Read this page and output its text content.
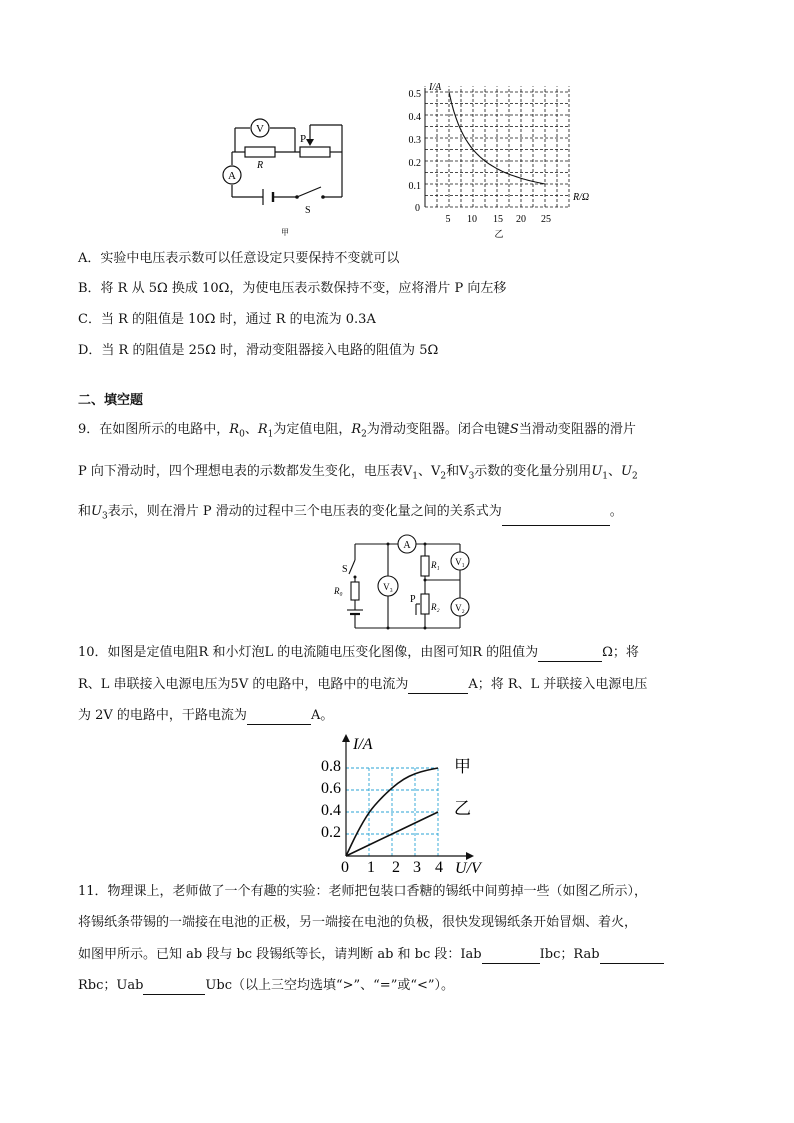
V
A
R
P
S
甲
I/A
R/Ω
0
0.5
0.4
0.3
0.2
0.1
5 10 15 20 25
乙
A．实验中电压表示数可以任意设定只要保持不变就可以
B．将 R 从 5Ω 换成 10Ω，为使电压表示数保持不变，应将滑片 P 向左移
C．当 R 的阻值是 10Ω 时，通过 R 的电流为 0.3A
D．当 R 的阻值是 25Ω 时，滑动变阻器接入电路的阻值为 5Ω
二、填空题
9．在如图所示的电路中，$R_0$、$R_1$为定值电阻，$R_2$为滑动变阻器。闭合电键S当滑动变阻器的滑片
P 向下滑动时，四个理想电表的示数都发生变化，电压表$V_1$、$V_2$和$V_3$示数的变化量分别用$U_1$、$U_2$
和$U_3$表示，则在滑片 P 滑动的过程中三个电压表的变化量之间的关系式为	。
A
V₃
V₁
V₂
S
R₀
R₁
R₂
P
10．如图是定值电阻R 和小灯泡L 的电流随电压变化图像，由图可知R 的阻值为	Ω；将
R、L 串联接入电源电压为5V 的电路中，电路中的电流为	A；将 R、L 并联接入电源电压
为 2V 的电路中，干路电流为	A。
I/A
U/V
0
0.8
0.6
0.4
0.2
1 2 3 4
甲
乙
11．物理课上，老师做了一个有趣的实验：老师把包装口香糖的锡纸中间剪掉一些（如图乙所示），
将锡纸条带锡的一端接在电池的正极，另一端接在电池的负极，很快发现锡纸条开始冒烟、着火，
如图甲所示。已知 ab 段与 bc 段锡纸等长，请判断 ab 和 bc 段：Iab	Ibc；Rab
Rbc；Uab	Ubc（以上三空均选填“>”、“=”或“<”）。
